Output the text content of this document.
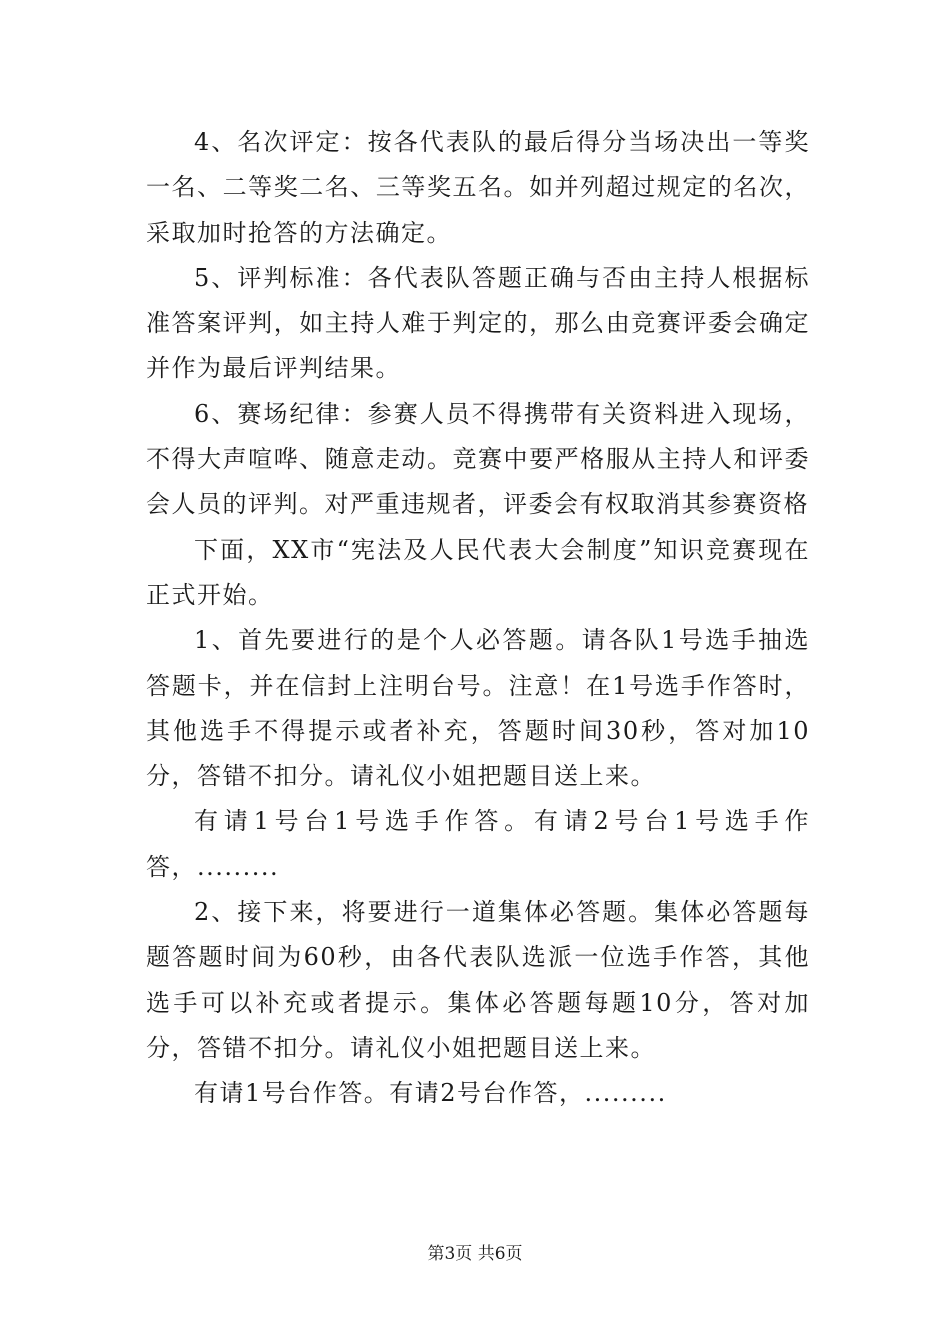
4、名次评定：按各代表队的最后得分当场决出一等奖一名、二等奖二名、三等奖五名。如并列超过规定的名次，采取加时抢答的方法确定。

5、评判标准：各代表队答题正确与否由主持人根据标准答案评判，如主持人难于判定的，那么由竞赛评委会确定并作为最后评判结果。

6、赛场纪律：参赛人员不得携带有关资料进入现场，不得大声喧哗、随意走动。竞赛中要严格服从主持人和评委会人员的评判。对严重违规者，评委会有权取消其参赛资格

下面，XX市“宪法及人民代表大会制度”知识竞赛现在正式开始。

1、首先要进行的是个人必答题。请各队1号选手抽选答题卡，并在信封上注明台号。注意！在1号选手作答时，其他选手不得提示或者补充，答题时间30秒，答对加10分，答错不扣分。请礼仪小姐把题目送上来。

有请1号台1号选手作答。有请2号台1号选手作答，.........

2、接下来，将要进行一道集体必答题。集体必答题每题答题时间为60秒，由各代表队选派一位选手作答，其他选手可以补充或者提示。集体必答题每题10分，答对加分，答错不扣分。请礼仪小姐把题目送上来。

有请1号台作答。有请2号台作答，.........

第3页 共6页
